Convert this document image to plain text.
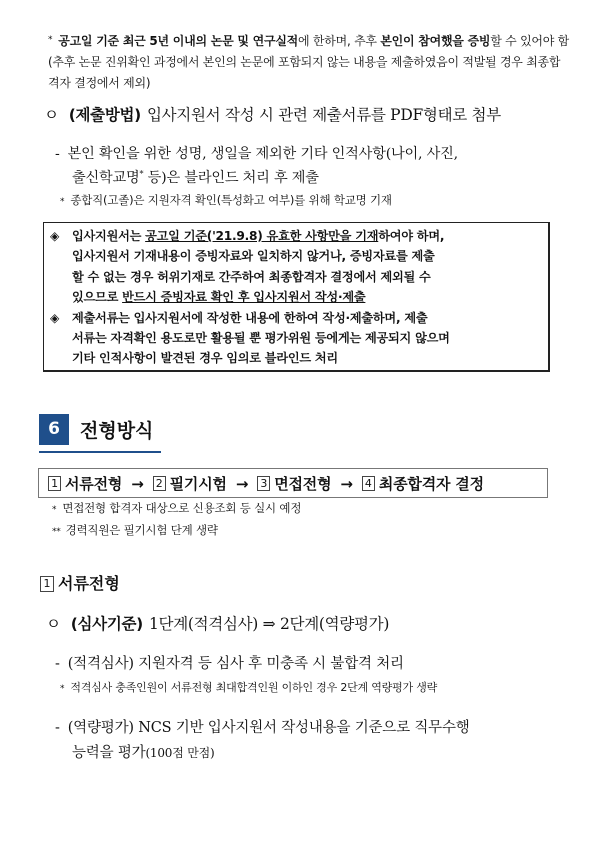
* 공고일 기준 최근 5년 이내의 논문 및 연구실적에 한하며, 추후 본인이 참여했을 증빙할 수 있어야 함(추후 논문 진위확인 과정에서 본인의 논문에 포함되지 않는 내용을 제출하였음이 적발될 경우 최종합격자 결정에서 제외)
ㅇ (제출방법) 입사지원서 작성 시 관련 제출서류를 PDF형태로 첨부
- 본인 확인을 위한 성명, 생일을 제외한 기타 인적사항(나이, 사진,
출신학교명* 등)은 블라인드 처리 후 제출
* 종합직(고졸)은 지원자격 확인(특성화고 여부)를 위해 학교명 기재
◈	입사지원서는 공고일 기준('21.9.8) 유효한 사항만을 기재하여야 하며,
입사지원서 기재내용이 증빙자료와 일치하지 않거나, 증빙자료를 제출
할 수 없는 경우 허위기재로 간주하여 최종합격자 결정에서 제외될 수
있으므로 반드시 증빙자료 확인 후 입사지원서 작성·제출
◈	제출서류는 입사지원서에 작성한 내용에 한하여 작성·제출하며, 제출
서류는 자격확인 용도로만 활용될 뿐 평가위원 등에게는 제공되지 않으며
기타 인적사항이 발견된 경우 임의로 블라인드 처리
6	전형방식
1 서류전형 → 2 필기시험 → 3 면접전형 → 4 최종합격자 결정
* 면접전형 합격자 대상으로 신용조회 등 실시 예정
** 경력직원은 필기시험 단계 생략
1 서류전형
ㅇ (심사기준) 1단계(적격심사) ⇒ 2단계(역량평가)
- (적격심사) 지원자격 등 심사 후 미충족 시 불합격 처리
* 적격심사 충족인원이 서류전형 최대합격인원 이하인 경우 2단계 역량평가 생략
- (역량평가) NCS 기반 입사지원서 작성내용을 기준으로 직무수행
능력을 평가(100점 만점)
